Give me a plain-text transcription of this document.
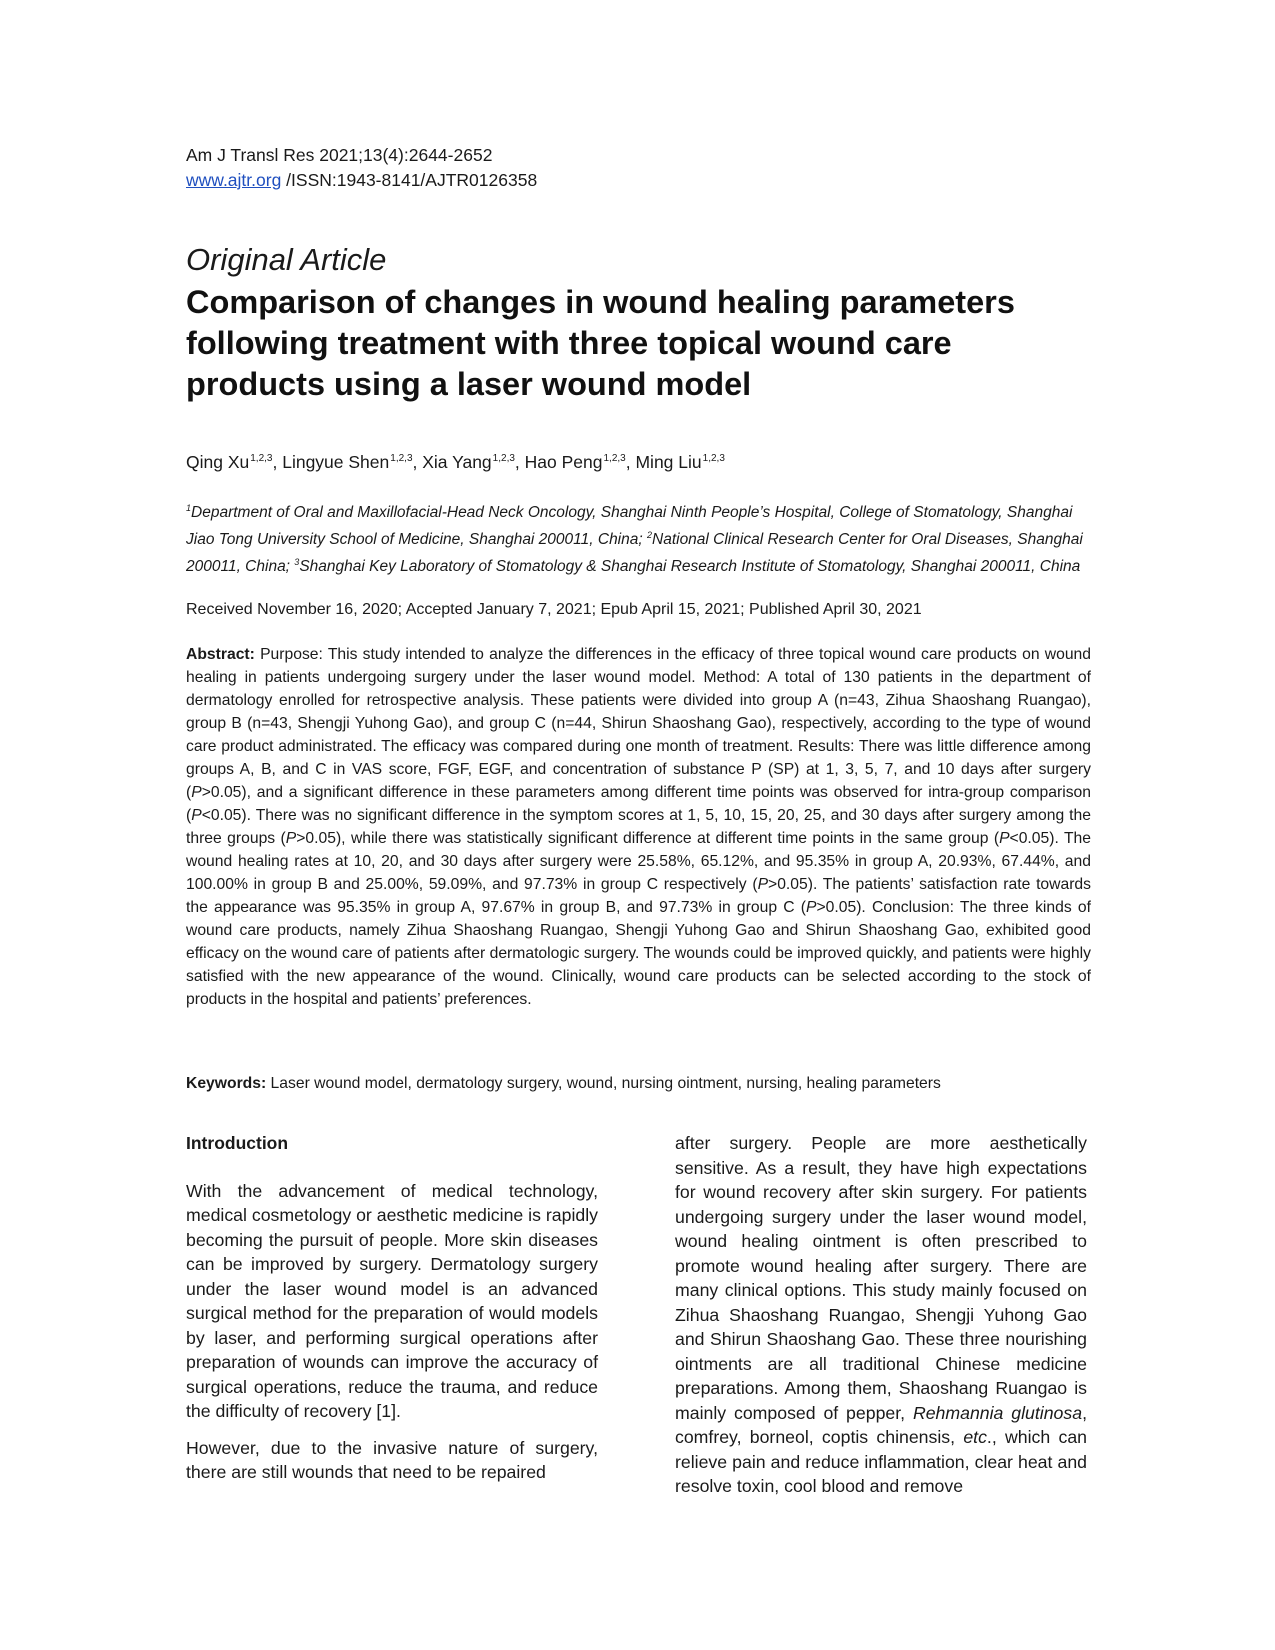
Am J Transl Res 2021;13(4):2644-2652
www.ajtr.org /ISSN:1943-8141/AJTR0126358
Original Article
Comparison of changes in wound healing parameters following treatment with three topical wound care products using a laser wound model
Qing Xu$^{1,2,3}$, Lingyue Shen$^{1,2,3}$, Xia Yang$^{1,2,3}$, Hao Peng$^{1,2,3}$, Ming Liu$^{1,2,3}$
$^1$Department of Oral and Maxillofacial-Head Neck Oncology, Shanghai Ninth People’s Hospital, College of Stomatology, Shanghai Jiao Tong University School of Medicine, Shanghai 200011, China; $^2$National Clinical Research Center for Oral Diseases, Shanghai 200011, China; $^3$Shanghai Key Laboratory of Stomatology & Shanghai Research Institute of Stomatology, Shanghai 200011, China
Received November 16, 2020; Accepted January 7, 2021; Epub April 15, 2021; Published April 30, 2021

Abstract: Purpose: This study intended to analyze the differences in the efficacy of three topical wound care products on wound healing in patients undergoing surgery under the laser wound model. Method: A total of 130 patients in the department of dermatology enrolled for retrospective analysis. These patients were divided into group A (n=43, Zihua Shaoshang Ruangao), group B (n=43, Shengji Yuhong Gao), and group C (n=44, Shirun Shaoshang Gao), respectively, according to the type of wound care product administrated. The efficacy was compared during one month of treatment. Results: There was little difference among groups A, B, and C in VAS score, FGF, EGF, and concentration of substance P (SP) at 1, 3, 5, 7, and 10 days after surgery (P>0.05), and a significant difference in these parameters among different time points was observed for intra-group comparison (P<0.05). There was no significant difference in the symptom scores at 1, 5, 10, 15, 20, 25, and 30 days after surgery among the three groups (P>0.05), while there was statistically significant difference at different time points in the same group (P<0.05). The wound healing rates at 10, 20, and 30 days after surgery were 25.58%, 65.12%, and 95.35% in group A, 20.93%, 67.44%, and 100.00% in group B and 25.00%, 59.09%, and 97.73% in group C respectively (P>0.05). The patients’ satisfaction rate towards the appearance was 95.35% in group A, 97.67% in group B, and 97.73% in group C (P>0.05). Conclusion: The three kinds of wound care products, namely Zihua Shaoshang Ruangao, Shengji Yuhong Gao and Shirun Shaoshang Gao, exhibited good efficacy on the wound care of patients after dermatologic surgery. The wounds could be improved quickly, and patients were highly satisfied with the new appearance of the wound. Clinically, wound care products can be selected according to the stock of products in the hospital and patients’ preferences.

Keywords: Laser wound model, dermatology surgery, wound, nursing ointment, nursing, healing parameters

Introduction

With the advancement of medical technology, medical cosmetology or aesthetic medicine is rapidly becoming the pursuit of people. More skin diseases can be improved by surgery. Dermatology surgery under the laser wound model is an advanced surgical method for the preparation of would models by laser, and performing surgical operations after preparation of wounds can improve the accuracy of surgical operations, reduce the trauma, and reduce the difficulty of recovery [1].

However, due to the invasive nature of surgery, there are still wounds that need to be repaired

after surgery. People are more aesthetically sensitive. As a result, they have high expectations for wound recovery after skin surgery. For patients undergoing surgery under the laser wound model, wound healing ointment is often prescribed to promote wound healing after surgery. There are many clinical options. This study mainly focused on Zihua Shaoshang Ruangao, Shengji Yuhong Gao and Shirun Shaoshang Gao. These three nourishing ointments are all traditional Chinese medicine preparations. Among them, Shaoshang Ruangao is mainly composed of pepper, Rehmannia glutinosa, comfrey, borneol, coptis chinensis, etc., which can relieve pain and reduce inflammation, clear heat and resolve toxin, cool blood and remove
